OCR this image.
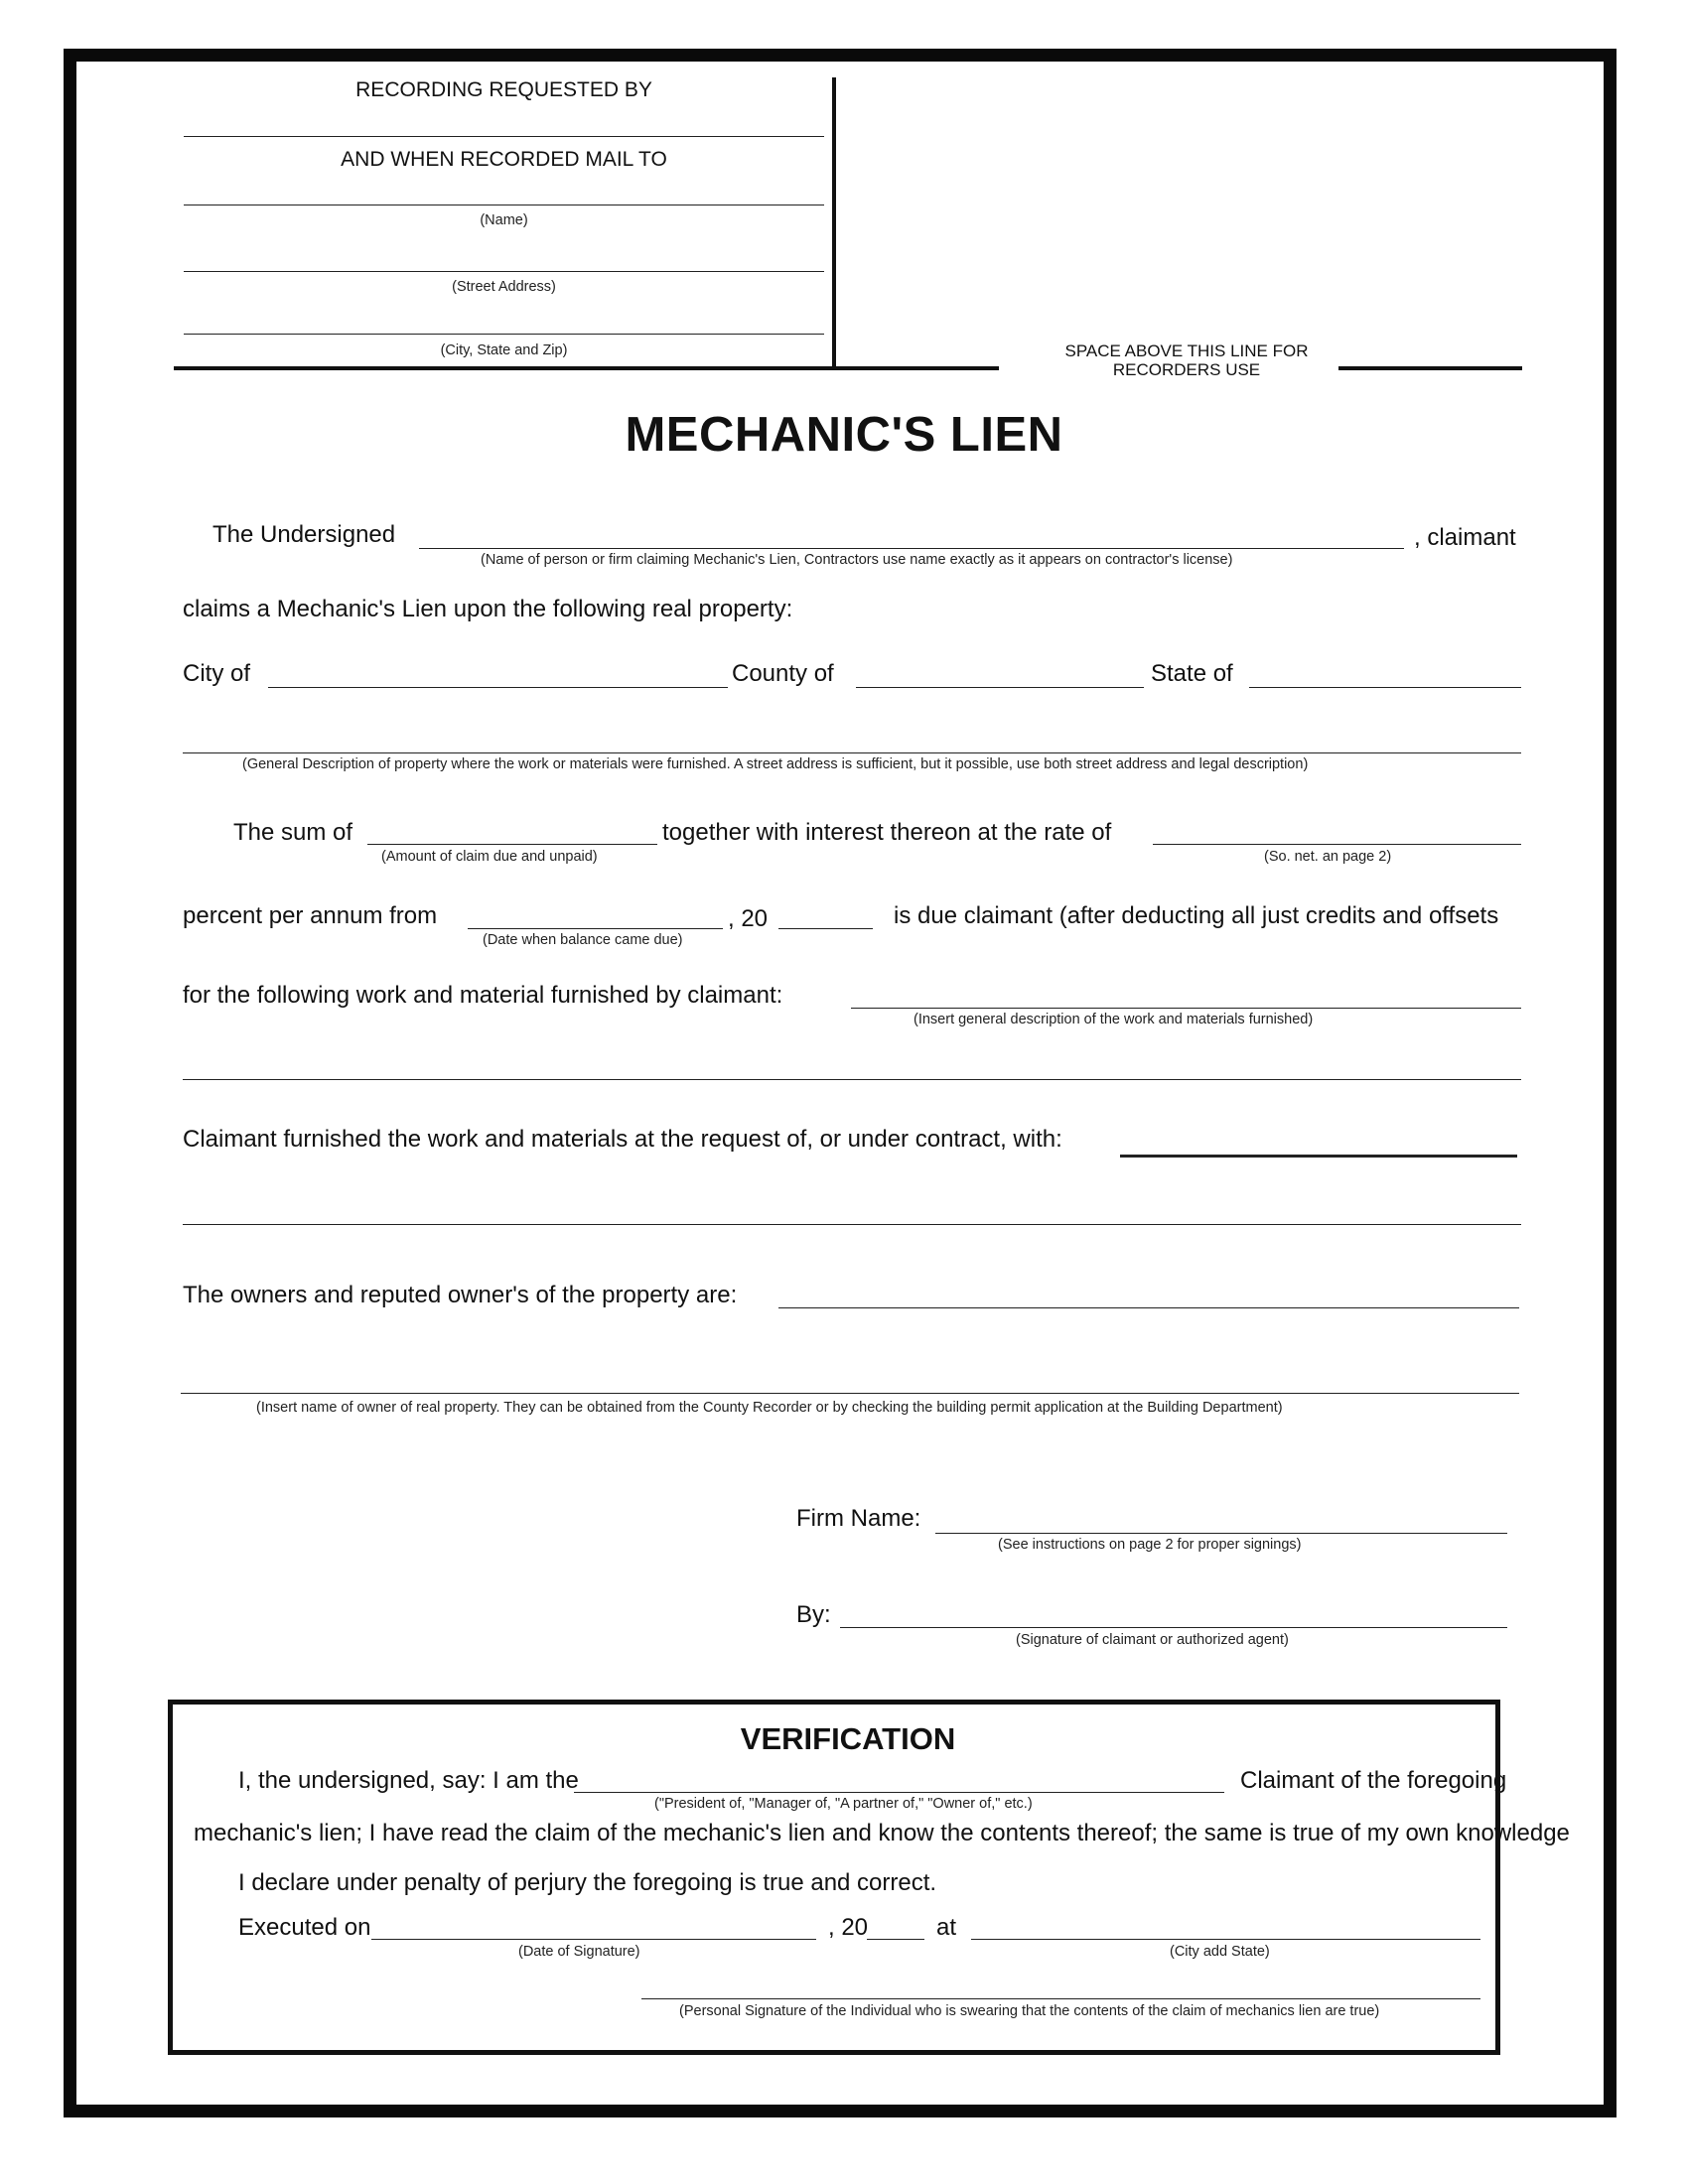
RECORDING REQUESTED BY
AND WHEN RECORDED MAIL TO
(Name)
(Street Address)
(City, State and Zip)	SPACE ABOVE THIS LINE FOR
RECORDERS USE
MECHANIC'S LIEN
The Undersigned	, claimant
(Name of person or firm claiming Mechanic's Lien, Contractors use name exactly as it appears on contractor's license)
claims a Mechanic's Lien upon the following real property:
City of	County of	State of
(General Description of property where the work or materials were furnished. A street address is sufficient, but it possible, use both street address and legal description)
The sum of	together with interest thereon at the rate of
(Amount of claim due and unpaid)	(So. net. an page 2)
percent per annum from	, 20	is due claimant (after deducting all just credits and offsets
(Date when balance came due)
for the following work and material furnished by claimant:
(Insert general description of the work and materials furnished)
Claimant furnished the work and materials at the request of, or under contract, with:
The owners and reputed owner's of the property are:
(Insert name of owner of real property. They can be obtained from the County Recorder or by checking the building permit application at the Building Department)
Firm Name:
(See instructions on page 2 for proper signings)
By:
(Signature of claimant or authorized agent)
VERIFICATION
I, the undersigned, say: I am the	Claimant of the foregoing
("President of, "Manager of, "A partner of," "Owner of," etc.)
mechanic's lien; I have read the claim of the mechanic's lien and know the contents thereof; the same is true of my own knowledge
I declare under penalty of perjury the foregoing is true and correct.
Executed on	, 20	at
(Date of Signature)	(City add State)
(Personal Signature of the Individual who is swearing that the contents of the claim of mechanics lien are true)
